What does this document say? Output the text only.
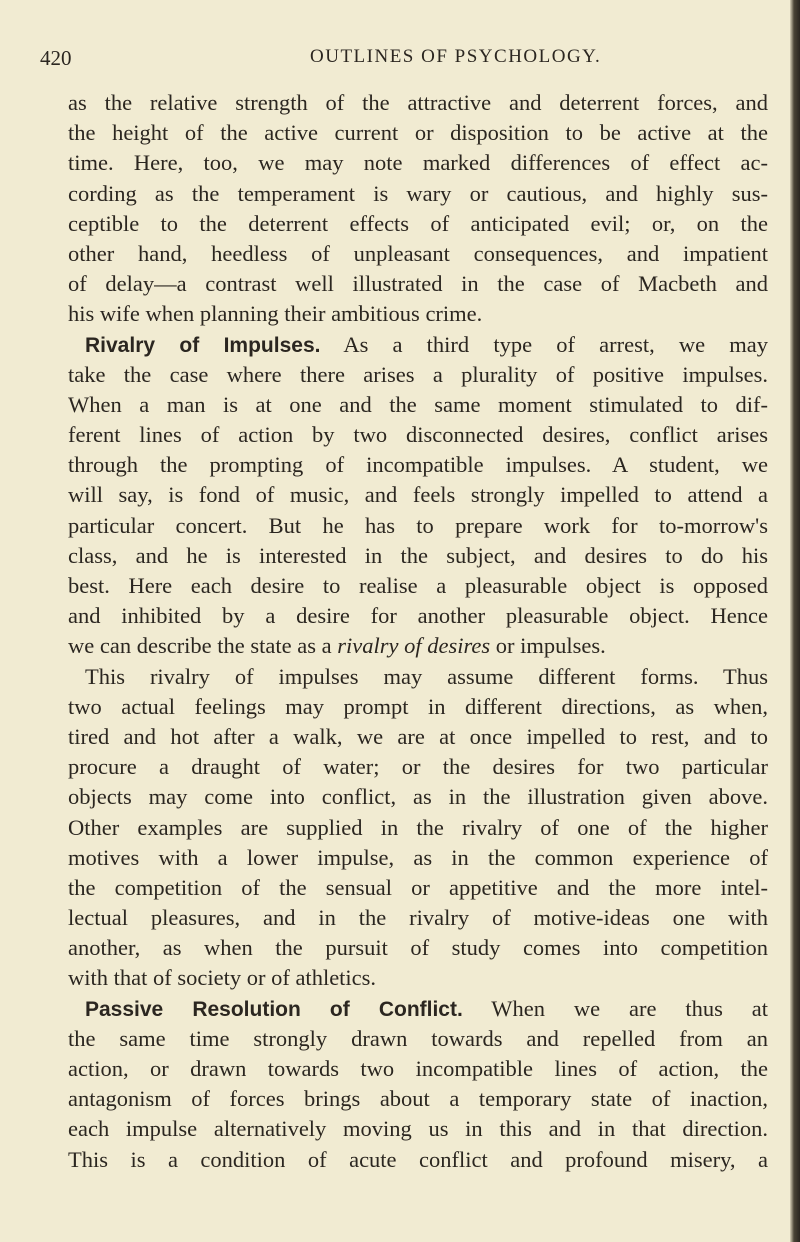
420	OUTLINES OF PSYCHOLOGY.
as the relative strength of the attractive and deterrent forces, and
the height of the active current or disposition to be active at the
time. Here, too, we may note marked differences of effect ac-
cording as the temperament is wary or cautious, and highly sus-
ceptible to the deterrent effects of anticipated evil; or, on the
other hand, heedless of unpleasant consequences, and impatient
of delay—a contrast well illustrated in the case of Macbeth and
his wife when planning their ambitious crime.
Rivalry of Impulses. As a third type of arrest, we may
take the case where there arises a plurality of positive impulses.
When a man is at one and the same moment stimulated to dif-
ferent lines of action by two disconnected desires, conflict arises
through the prompting of incompatible impulses. A student, we
will say, is fond of music, and feels strongly impelled to attend a
particular concert. But he has to prepare work for to-morrow's
class, and he is interested in the subject, and desires to do his
best. Here each desire to realise a pleasurable object is opposed
and inhibited by a desire for another pleasurable object. Hence
we can describe the state as a rivalry of desires or impulses.
This rivalry of impulses may assume different forms. Thus
two actual feelings may prompt in different directions, as when,
tired and hot after a walk, we are at once impelled to rest, and to
procure a draught of water; or the desires for two particular
objects may come into conflict, as in the illustration given above.
Other examples are supplied in the rivalry of one of the higher
motives with a lower impulse, as in the common experience of
the competition of the sensual or appetitive and the more intel-
lectual pleasures, and in the rivalry of motive-ideas one with
another, as when the pursuit of study comes into competition
with that of society or of athletics.
Passive Resolution of Conflict. When we are thus at
the same time strongly drawn towards and repelled from an
action, or drawn towards two incompatible lines of action, the
antagonism of forces brings about a temporary state of inaction,
each impulse alternatively moving us in this and in that direction.
This is a condition of acute conflict and profound misery, a
